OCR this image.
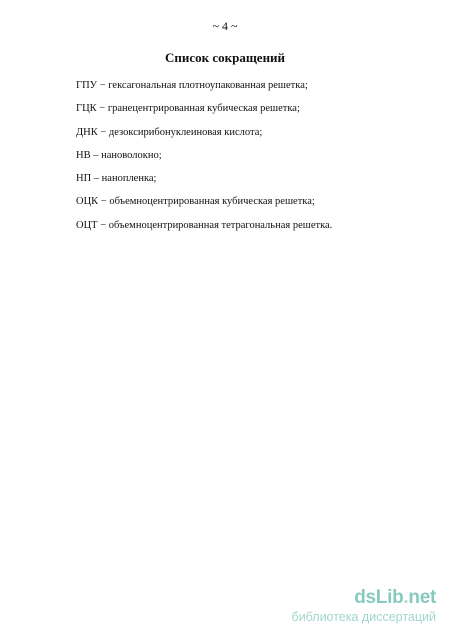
~ 4 ~
Список сокращений
ГПУ − гексагональная плотноупакованная решетка;
ГЦК − гранецентрированная кубическая решетка;
ДНК − дезоксирибонуклеиновая кислота;
НВ – нановолокно;
НП – нанопленка;
ОЦК − объемноцентрированная кубическая решетка;
ОЦТ − объемноцентрированная тетрагональная решетка.
dsLib.net
библиотека диссертаций
